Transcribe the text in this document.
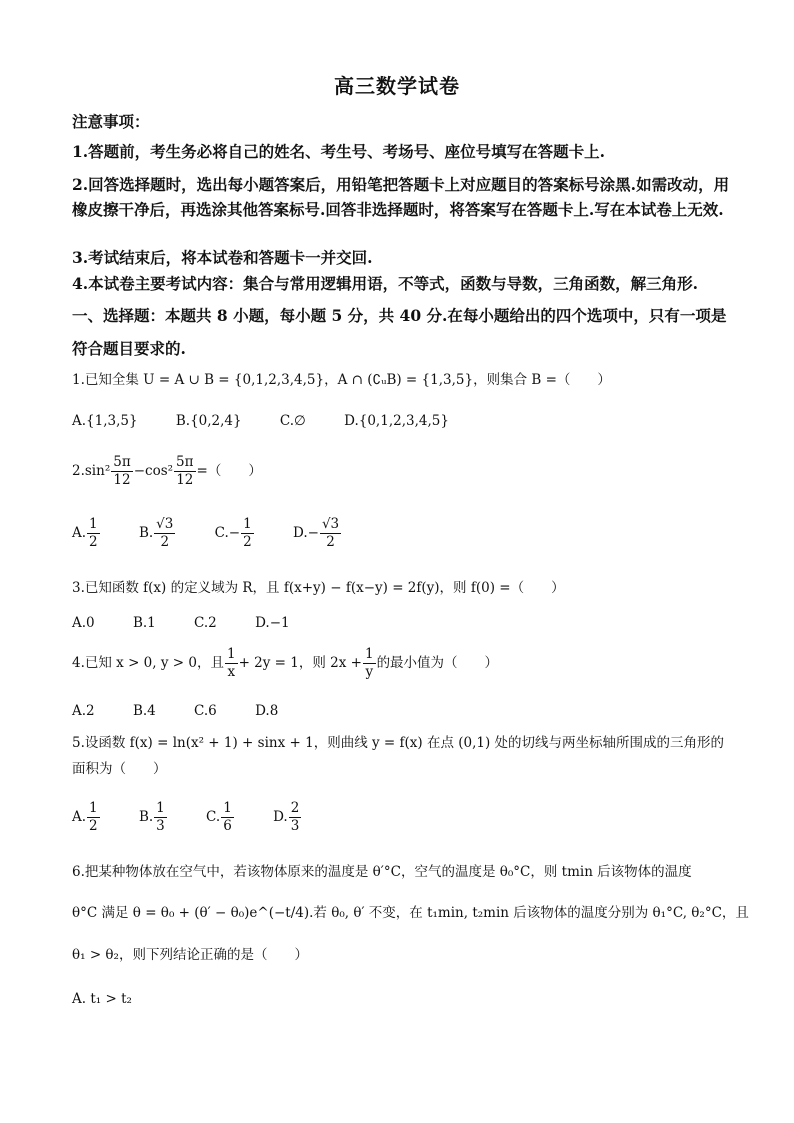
高三数学试卷

注意事项：

1.答题前，考生务必将自己的姓名、考生号、考场号、座位号填写在答题卡上.

2.回答选择题时，选出每小题答案后，用铅笔把答题卡上对应题目的答案标号涂黑.如需改动，用橡皮擦干净后，再选涂其他答案标号.回答非选择题时，将答案写在答题卡上.写在本试卷上无效.

3.考试结束后，将本试卷和答题卡一并交回.

4.本试卷主要考试内容：集合与常用逻辑用语，不等式，函数与导数，三角函数，解三角形.

一、选择题：本题共 8 小题，每小题 5 分，共 40 分.在每小题给出的四个选项中，只有一项是符合题目要求的.
1.已知全集 U = A ∪ B = {0,1,2,3,4,5}，A ∩ (∁ᵤB) = {1,3,5}，则集合 B =（　　）
A.{1,3,5}	B.{0,2,4}	C.∅	D.{0,1,2,3,4,5}
$2.\sin^2 \frac{5\pi}{12} -\cos^2 \frac{5\pi}{12}$ =（　　）
A. $\frac{1}{2}$	B. $\frac{√3}{2}$	$C.- \frac{1}{2}$	$D.- \frac{√3}{2}$
3.已知函数 f(x) 的定义域为 R，且 f(x+y) − f(x−y) = 2f(y)，则 f(0) =（　　）
A.0	B.1	C.2	D.−1
4.已知 x > 0, y > 0，且 $\frac{1}{x} + 2y = 1$，则 $2x + \frac{1}{y}$ 的最小值为（　　）
A.2	B.4	C.6	D.8
5.设函数 f(x) = ln(x² + 1) + sinx + 1，则曲线 y = f(x) 在点 (0,1) 处的切线与两坐标轴所围成的三角形的
面积为（　　）
A. $\frac{1}{2}$	B. $\frac{1}{3}$	C. $\frac{1}{6}$	D. $\frac{2}{3}$
6.把某种物体放在空气中，若该物体原来的温度是 θ′°C，空气的温度是 θ₀°C，则 tmin 后该物体的温度
θ°C 满足 θ = θ₀ + (θ′ − θ₀)e^(−t/4).若 θ₀, θ′ 不变，在 t₁min, t₂min 后该物体的温度分别为 θ₁°C, θ₂°C，且
θ₁ > θ₂，则下列结论正确的是（　　）
A. t₁ > t₂
